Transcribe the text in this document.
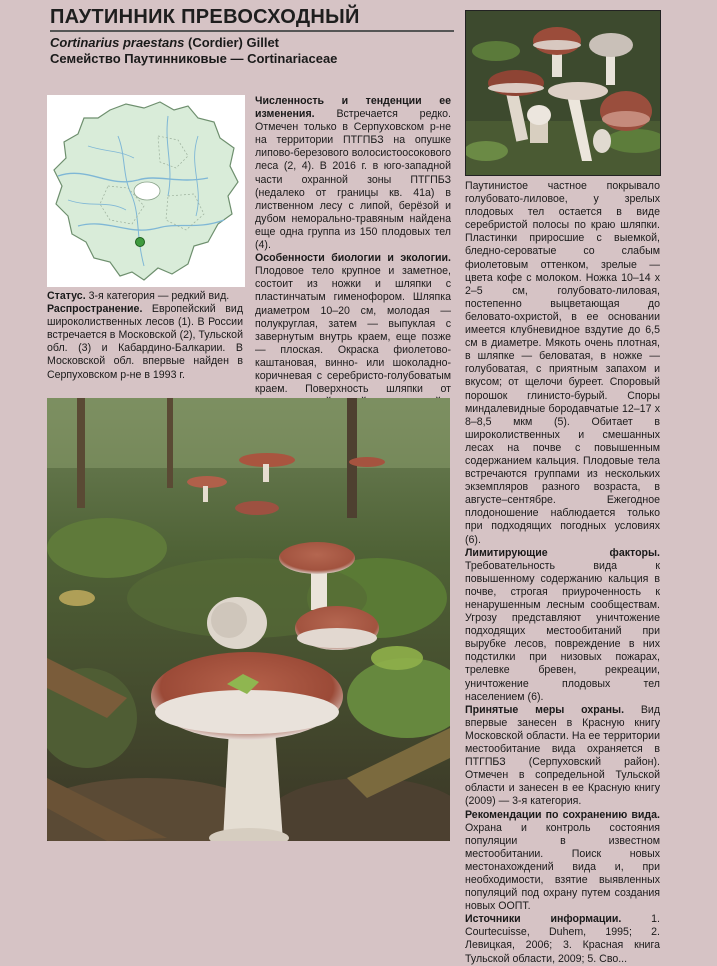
ПАУТИННИК ПРЕВОСХОДНЫЙ
Cortinarius praestans (Cordier) Gillet
Семейство Паутинниковые — Cortinariaceae

Статус. 3-я категория — редкий вид.

Распространение. Европейский вид широколиственных лесов (1). В России встречается в Московской (2), Тульской обл. (3) и Кабардино-Балкарии. В Московской обл. впервые найден в Серпуховском р-не в 1993 г.

Численность и тенденции ее изменения. Встречается редко. Отмечен только в Серпуховском р-не на территории ПТГПБЗ на опушке липово-березового волосистоосокового леса (2, 4). В 2016 г. в юго-западной части охранной зоны ПТГПБЗ (недалеко от границы кв. 41а) в лиственном лесу с липой, берёзой и дубом неморально-травяным найдена еще одна группа из 150 плодовых тел (4).

Особенности биологии и экологии. Плодовое тело крупное и заметное, состоит из ножки и шляпки с пластинчатым гименофором. Шляпка диаметром 10–20 см, молодая — полукруглая, затем — выпуклая с завернутым внутрь краем, еще позже — плоская. Окраска фиолетово-каштановая, винно- или шоколадно-коричневая с серебристо-голубоватым краем. Поверхность шляпки от

Паутинистое частное покрывало голубовато-лиловое, у зрелых плодовых тел остается в виде серебристой полосы по краю шляпки. Пластинки приросшие с выемкой, бледно-сероватые со слабым фиолетовым оттенком, зрелые — цвета кофе с молоком. Ножка 10–14 х 2–5 см, голубовато-лиловая, постепенно выцветающая до беловато-охристой, в ее основании имеется клубневидное вздутие до 6,5 см в диаметре. Мякоть очень плотная, в шляпке — беловатая, в ножке — голубоватая, с приятным запахом и вкусом; от щелочи буреет. Споровый порошок глинисто-бурый. Споры миндалевидные бородавчатые 12–17 х 8–8,5 мкм (5). Обитает в широколиственных и смешанных лесах на почве с повышенным содержанием кальция. Плодовые тела встречаются группами из нескольких экземпляров разного возраста, в августе–сентябре. Ежегодное плодоношение наблюдается только при подходящих погодных условиях (6).

Лимитирующие факторы. Требовательность вида к повышенному содержанию кальция в почве, строгая приуроченность к ненарушенным лесным сообществам. Угрозу представляют уничтожение подходящих местообитаний при вырубке лесов, повреждение в них подстилки при низовых пожарах, трелевке бревен, рекреации, уничтожение плодовых тел населением (6).

Принятые меры охраны. Вид впервые занесен в Красную книгу Московской области. На ее территории местообитание вида охраняется в ПТГПБЗ (Серпуховский район). Отмечен в сопредельной Тульской области и занесен в ее Красную книгу (2009) — 3-я категория.

Рекомендации по сохранению вида. Охрана и контроль состояния популяции в известном местообитании. Поиск новых местонахождений вида и, при необходимости, взятие выявленных популяций под охрану путем создания новых ООПТ.

Источники информации. 1. Courtecuisse, Duhem, 1995; 2. Левицкая, 2006; 3. Красная книга Тульской области, 2009; 5. Сво...
